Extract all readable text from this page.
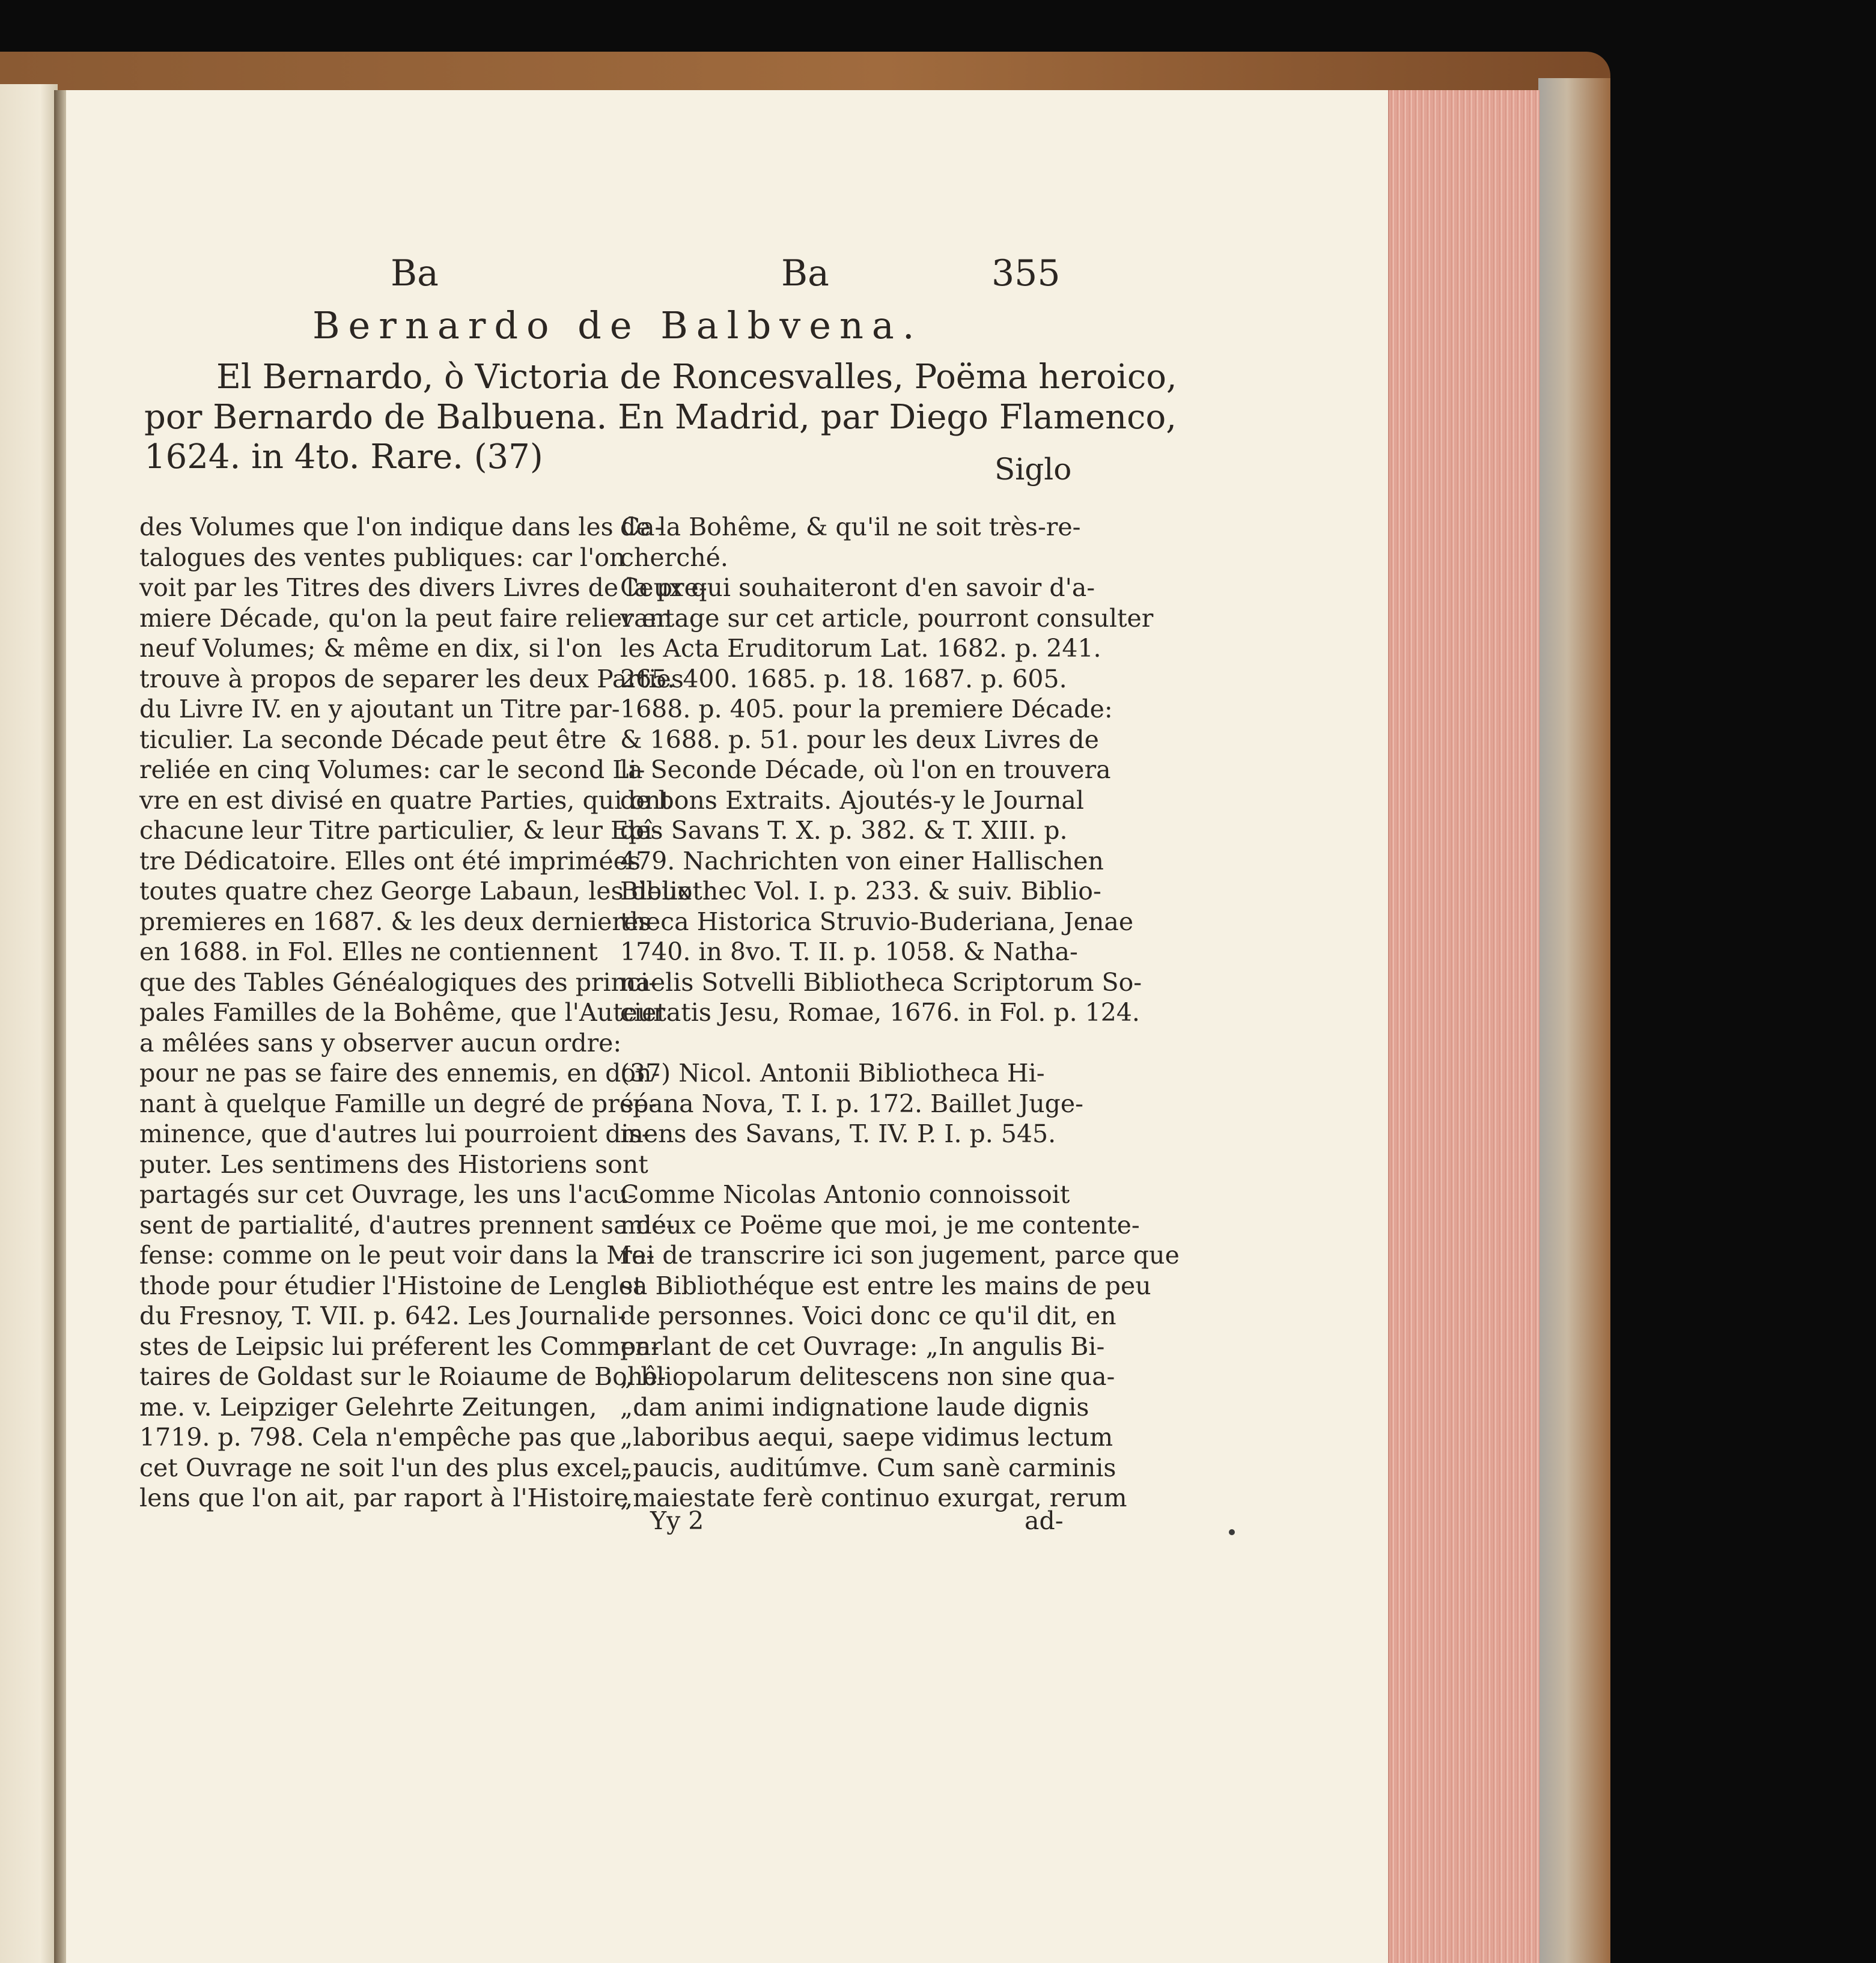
Ba	Ba	355
Bernardo de Balbvena.
El Bernardo, ò Victoria de Roncesvalles, Poëma heroico,
por Bernardo de Balbuena. En Madrid, par Diego Flamenco,
1624. in 4to. Rare. (37)	Siglo
des Volumes que l'on indique dans les Ca-
talogues des ventes publiques: car l'on
voit par les Titres des divers Livres de la pre-
miere Décade, qu'on la peut faire relier en
neuf Volumes; & même en dix, si l'on
trouve à propos de separer les deux Parties
du Livre IV. en y ajoutant un Titre par-
ticulier. La seconde Décade peut être
reliée en cinq Volumes: car le second Li-
vre en est divisé en quatre Parties, qui ont
chacune leur Titre particulier, & leur Epî-
tre Dédicatoire. Elles ont été imprimées
toutes quatre chez George Labaun, les deux
premieres en 1687. & les deux dernieres
en 1688. in Fol. Elles ne contiennent
que des Tables Généalogiques des princi-
pales Familles de la Bohême, que l'Auteur
a mêlées sans y observer aucun ordre:
pour ne pas se faire des ennemis, en don-
nant à quelque Famille un degré de préé-
minence, que d'autres lui pourroient dis-
puter. Les sentimens des Historiens sont
partagés sur cet Ouvrage, les uns l'acu-
sent de partialité, d'autres prennent sa dé-
fense: comme on le peut voir dans la Me-
thode pour étudier l'Histoine de Lenglet
du Fresnoy, T. VII. p. 642. Les Journali-
stes de Leipsic lui préferent les Commen-
taires de Goldast sur le Roiaume de Bohê-
me. v. Leipziger Gelehrte Zeitungen,
1719. p. 798. Cela n'empêche pas que
cet Ouvrage ne soit l'un des plus excel-
lens que l'on ait, par raport à l'Histoire
de la Bohême, & qu'il ne soit très-re-
cherché.
Ceux qui souhaiteront d'en savoir d'a-
vantage sur cet article, pourront consulter
les Acta Eruditorum Lat. 1682. p. 241.
265. 400. 1685. p. 18. 1687. p. 605.
1688. p. 405. pour la premiere Décade:
& 1688. p. 51. pour les deux Livres de
la Seconde Décade, où l'on en trouvera
de bons Extraits. Ajoutés-y le Journal
des Savans T. X. p. 382. & T. XIII. p.
479. Nachrichten von einer Hallischen
Bibliothec Vol. I. p. 233. & suiv. Biblio-
theca Historica Struvio-Buderiana, Jenae
1740. in 8vo. T. II. p. 1058. & Natha-
naelis Sotvelli Bibliotheca Scriptorum So-
cietatis Jesu, Romae, 1676. in Fol. p. 124.
(37) Nicol. Antonii Bibliotheca Hi-
spana Nova, T. I. p. 172. Baillet Juge-
mens des Savans, T. IV. P. I. p. 545.
Comme Nicolas Antonio connoissoit
mieux ce Poëme que moi, je me contente-
rai de transcrire ici son jugement, parce que
sa Bibliothéque est entre les mains de peu
de personnes. Voici donc ce qu'il dit, en
parlant de cet Ouvrage: „In angulis Bi-
„ bliopolarum delitescens non sine qua-
„dam animi indignatione laude dignis
„laboribus aequi, saepe vidimus lectum
„paucis, auditúmve. Cum sanè carminis
„maiestate ferè continuo exurgat, rerum
Yy 2	ad-
